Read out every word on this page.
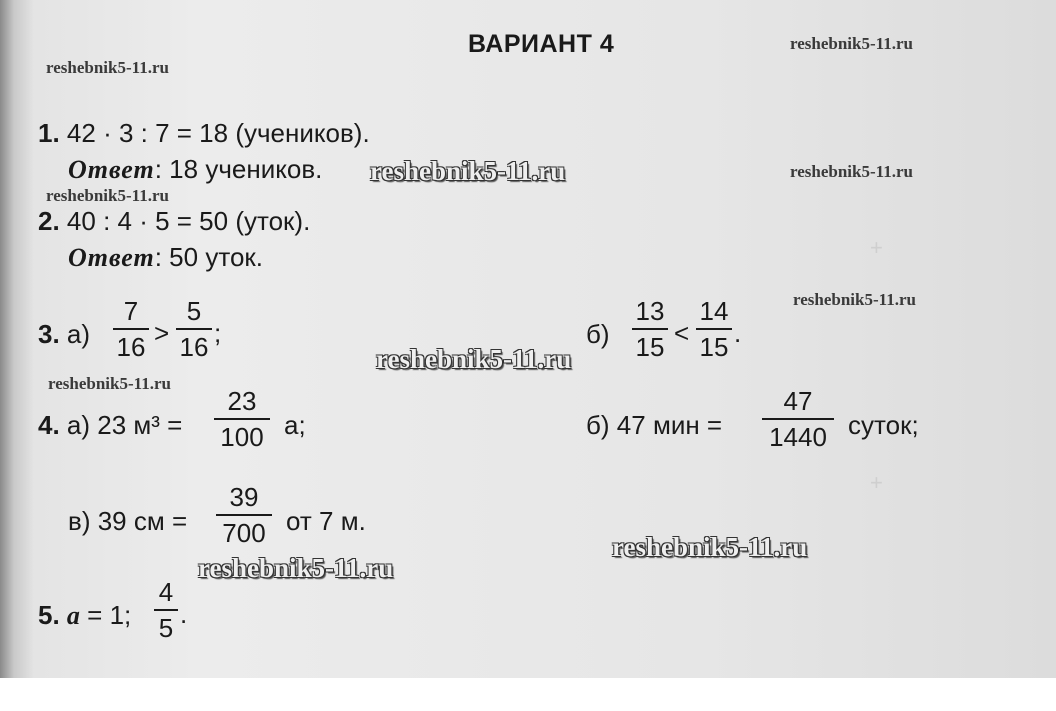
+
+
ВАРИАНТ 4	reshebnik5-11.ru
reshebnik5-11.ru
reshebnik5-11.ru
reshebnik5-11.ru
reshebnik5-11.ru
reshebnik5-11.ru
reshebnik5-11.ru
reshebnik5-11.ru
reshebnik5-11.ru
reshebnik5-11.ru
1. 42 · 3 : 7 = 18 (учеников).
Ответ: 18 учеников.
2. 40 : 4 · 5 = 50 (уток).
Ответ: 50 уток.
3. а)
7
16 >
5
16 ;	б)
13
15 <
14
15 .
4. а) 23 м³ =
23
100 а;	б) 47 мин =
47
1440 суток;
в) 39 см =
39
700 от 7 м.
5. a = 1;
4
5 .
